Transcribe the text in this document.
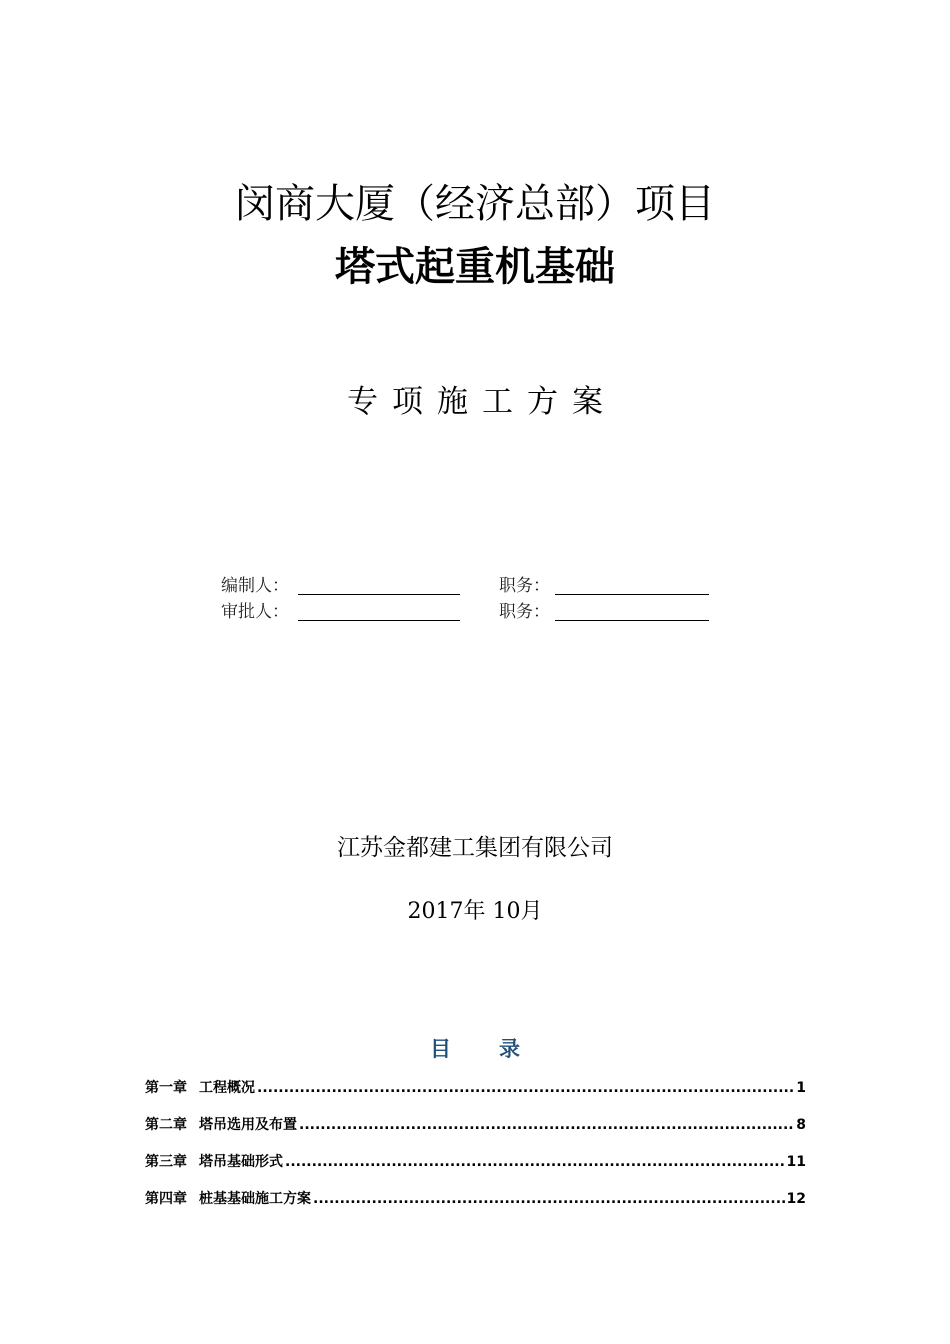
闵商大厦（经济总部）项目
塔式起重机基础
专项施工方案
编制人：	职务：
审批人：	职务：
江苏金都建工集团有限公司
2017年 10月
目 录
第一章 工程概况 .....	1
第二章 塔吊选用及布置 .....	8
第三章 塔吊基础形式 .....	11
第四章 桩基基础施工方案 .....	12
